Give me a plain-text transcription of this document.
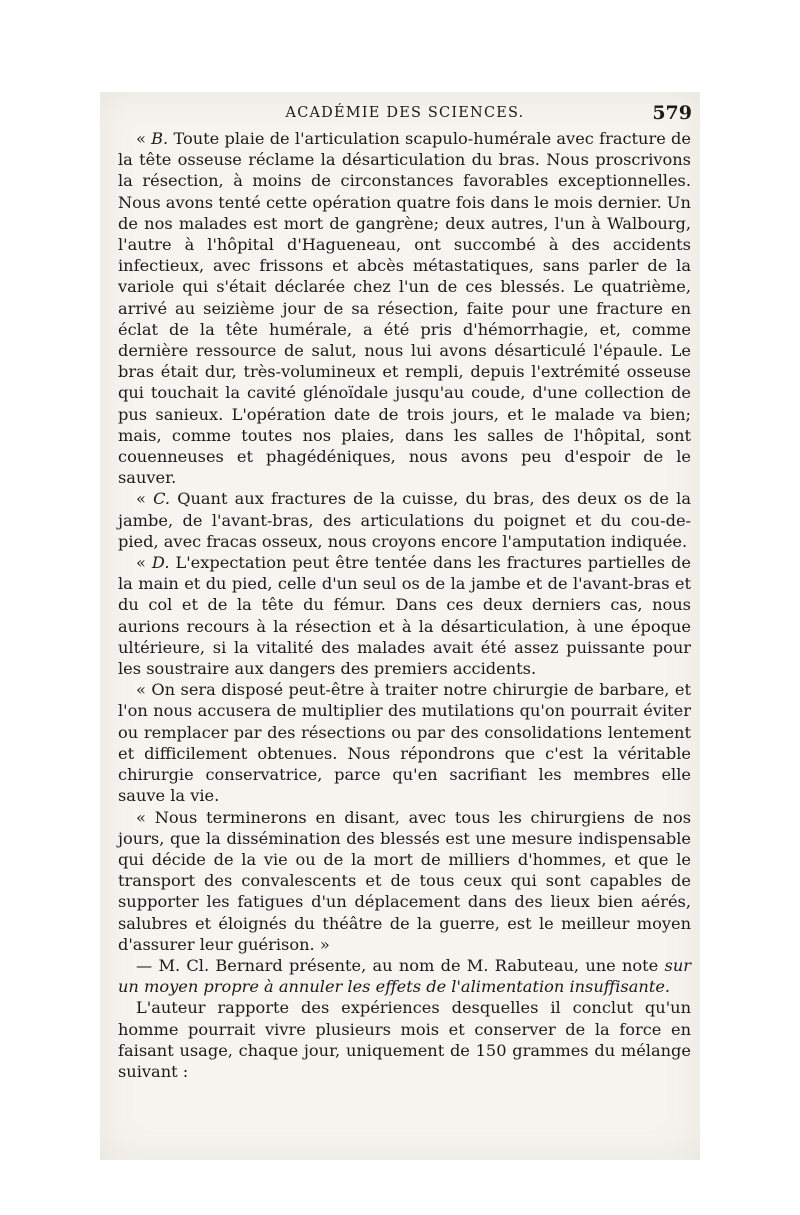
ACADÉMIE DES SCIENCES.	579

« B. Toute plaie de l'articulation scapulo-humérale avec fracture de la tête osseuse réclame la désarticulation du bras. Nous proscrivons la résection, à moins de circonstances favorables exceptionnelles. Nous avons tenté cette opération quatre fois dans le mois dernier. Un de nos malades est mort de gangrène; deux autres, l'un à Walbourg, l'autre à l'hôpital d'Hagueneau, ont succombé à des accidents infectieux, avec frissons et abcès métastatiques, sans parler de la variole qui s'était déclarée chez l'un de ces blessés. Le quatrième, arrivé au seizième jour de sa résection, faite pour une fracture en éclat de la tête humérale, a été pris d'hémorrhagie, et, comme dernière ressource de salut, nous lui avons désarticulé l'épaule. Le bras était dur, très-volumineux et rempli, depuis l'extrémité osseuse qui touchait la cavité glénoïdale jusqu'au coude, d'une collection de pus sanieux. L'opération date de trois jours, et le malade va bien; mais, comme toutes nos plaies, dans les salles de l'hôpital, sont couenneuses et phagédéniques, nous avons peu d'espoir de le sauver.

« C. Quant aux fractures de la cuisse, du bras, des deux os de la jambe, de l'avant-bras, des articulations du poignet et du cou-de-pied, avec fracas osseux, nous croyons encore l'amputation indiquée.

« D. L'expectation peut être tentée dans les fractures partielles de la main et du pied, celle d'un seul os de la jambe et de l'avant-bras et du col et de la tête du fémur. Dans ces deux derniers cas, nous aurions recours à la résection et à la désarticulation, à une époque ultérieure, si la vitalité des malades avait été assez puissante pour les soustraire aux dangers des premiers accidents.

« On sera disposé peut-être à traiter notre chirurgie de barbare, et l'on nous accusera de multiplier des mutilations qu'on pourrait éviter ou remplacer par des résections ou par des consolidations lentement et difficilement obtenues. Nous répondrons que c'est la véritable chirurgie conservatrice, parce qu'en sacrifiant les membres elle sauve la vie.

« Nous terminerons en disant, avec tous les chirurgiens de nos jours, que la dissémination des blessés est une mesure indispensable qui décide de la vie ou de la mort de milliers d'hommes, et que le transport des convalescents et de tous ceux qui sont capables de supporter les fatigues d'un déplacement dans des lieux bien aérés, salubres et éloignés du théâtre de la guerre, est le meilleur moyen d'assurer leur guérison. »

— M. Cl. Bernard présente, au nom de M. Rabuteau, une note sur un moyen propre à annuler les effets de l'alimentation insuffisante.

L'auteur rapporte des expériences desquelles il conclut qu'un homme pourrait vivre plusieurs mois et conserver de la force en faisant usage, chaque jour, uniquement de 150 grammes du mélange suivant :
